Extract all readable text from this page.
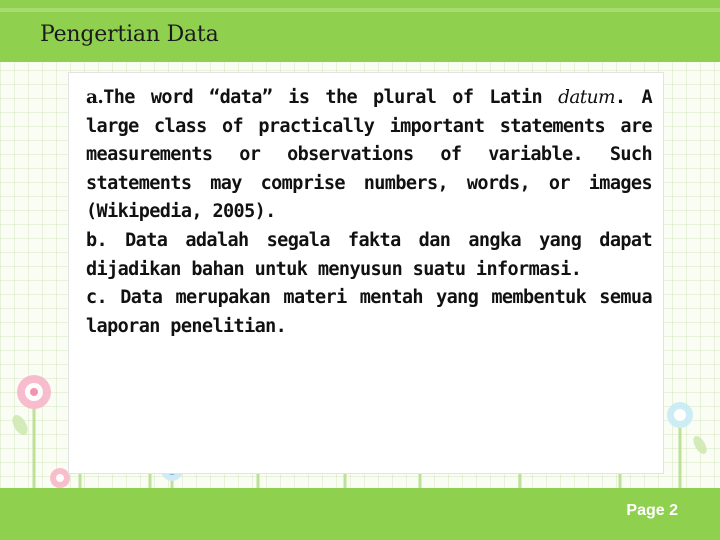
Pengertian Data

a.The word “data” is the plural of Latin datum. A large class of practically important statements are measurements or observations of variable. Such statements may comprise numbers, words, or images (Wikipedia, 2005).

b. Data adalah segala fakta dan angka yang dapat dijadikan bahan untuk menyusun suatu informasi.

c. Data merupakan materi mentah yang membentuk semua laporan penelitian.

Page 2
